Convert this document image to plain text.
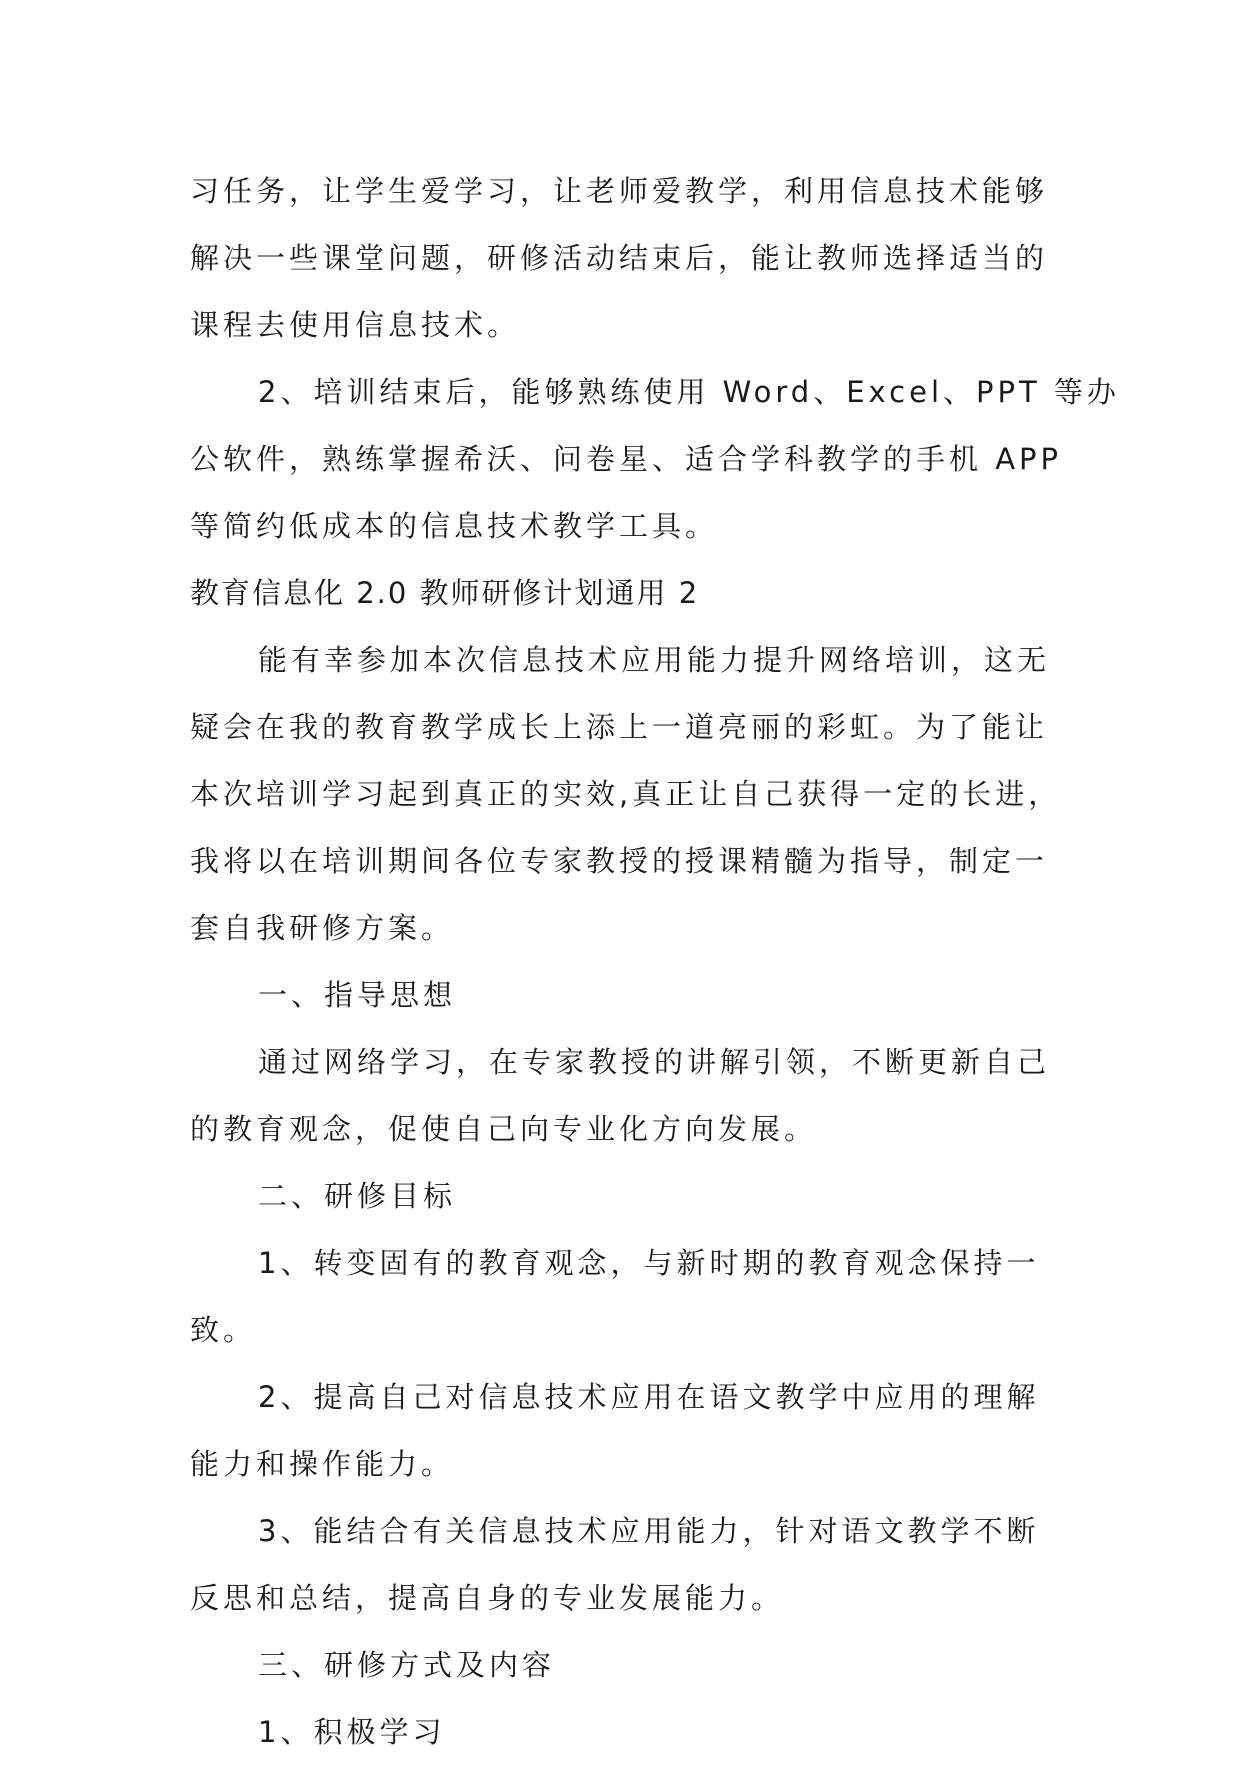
习任务，让学生爱学习，让老师爱教学，利用信息技术能够
解决一些课堂问题，研修活动结束后，能让教师选择适当的
课程去使用信息技术。
2、培训结束后，能够熟练使用 Word、Excel、PPT 等办
公软件，熟练掌握希沃、问卷星、适合学科教学的手机 APP
等简约低成本的信息技术教学工具。
教育信息化 2.0 教师研修计划通用 2
能有幸参加本次信息技术应用能力提升网络培训，这无
疑会在我的教育教学成长上添上一道亮丽的彩虹。为了能让
本次培训学习起到真正的实效,真正让自己获得一定的长进，
我将以在培训期间各位专家教授的授课精髓为指导，制定一
套自我研修方案。
一、指导思想
通过网络学习，在专家教授的讲解引领，不断更新自己
的教育观念，促使自己向专业化方向发展。
二、研修目标
1、转变固有的教育观念，与新时期的教育观念保持一
致。
2、提高自己对信息技术应用在语文教学中应用的理解
能力和操作能力。
3、能结合有关信息技术应用能力，针对语文教学不断
反思和总结，提高自身的专业发展能力。
三、研修方式及内容
1、积极学习
